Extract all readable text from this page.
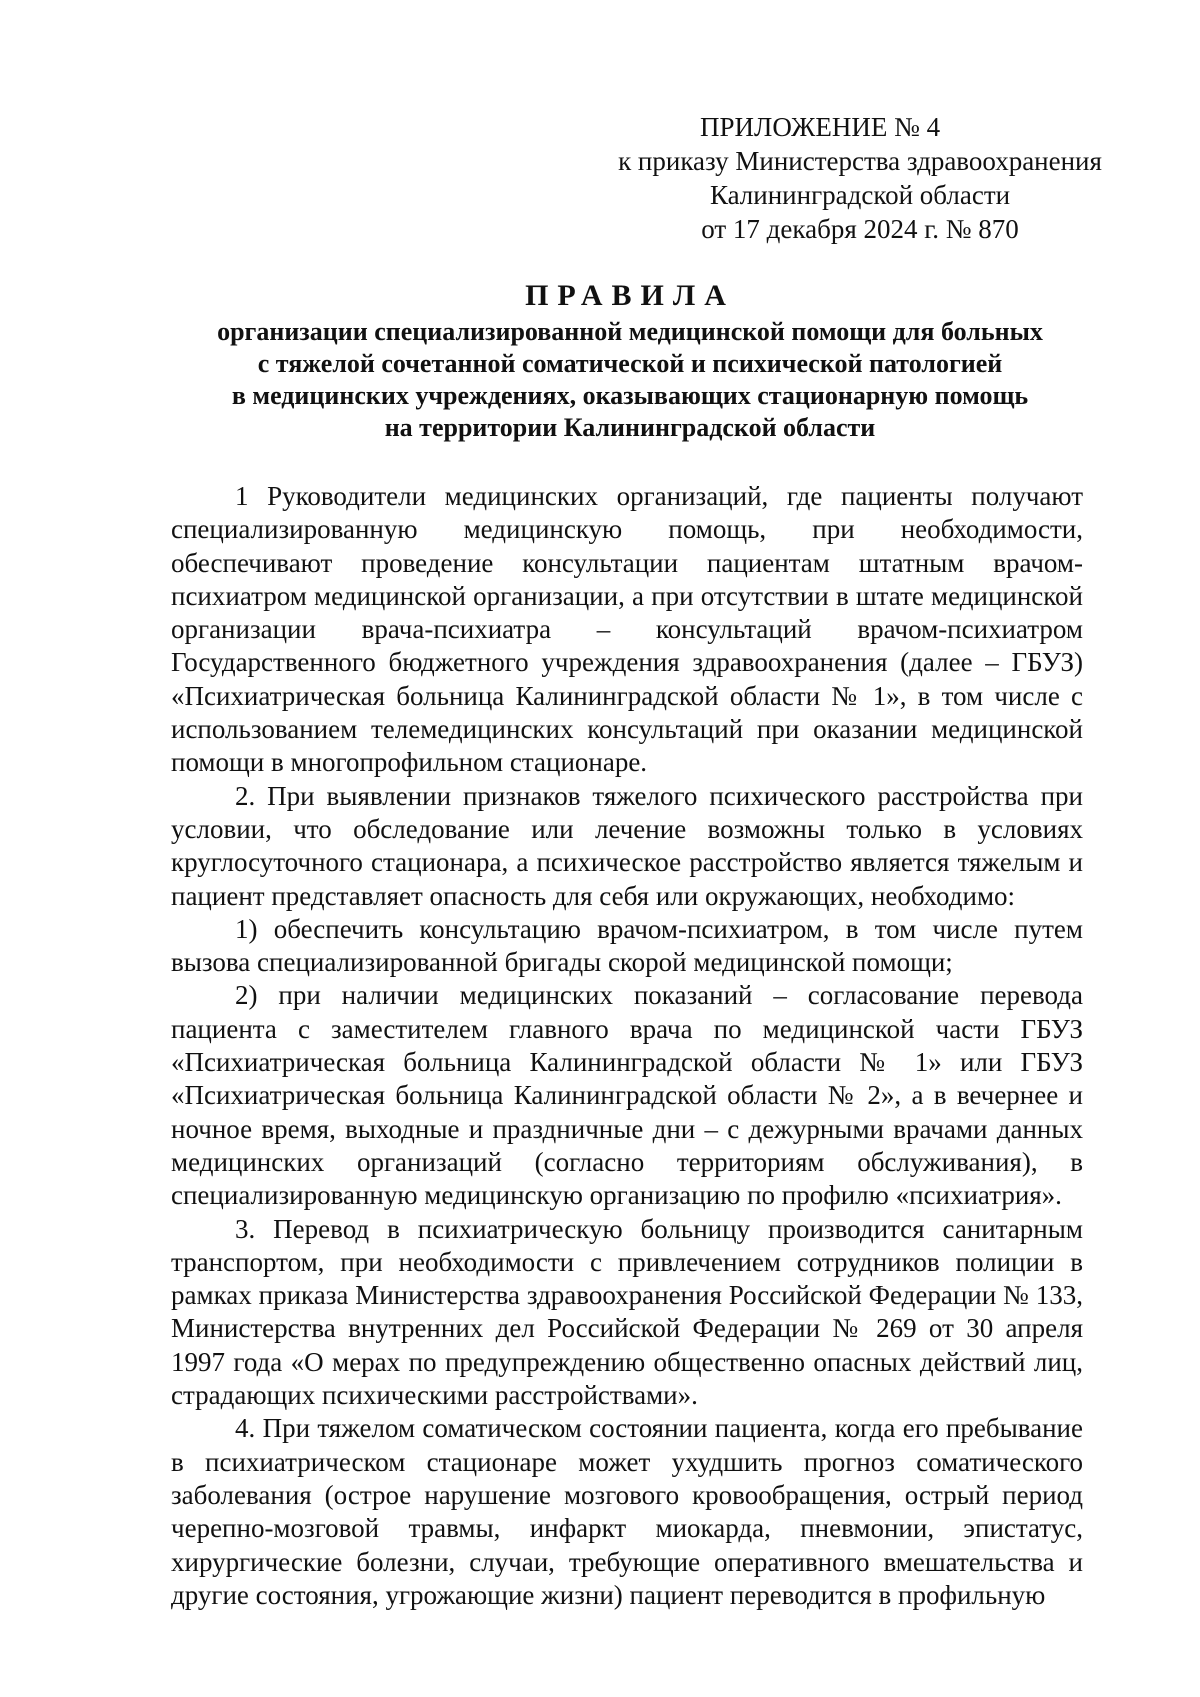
ПРИЛОЖЕНИЕ № 4
к приказу Министерства здравоохранения
Калининградской области
от 17 декабря 2024 г. № 870
ПРАВИЛА
организации специализированной медицинской помощи для больных
с тяжелой сочетанной соматической и психической патологией
в медицинских учреждениях, оказывающих стационарную помощь
на территории Калининградской области

1 Руководители медицинских организаций, где пациенты получают специализированную медицинскую помощь, при необходимости, обеспечивают проведение консультации пациентам штатным врачом-психиатром медицинской организации, а при отсутствии в штате медицинской организации врача-психиатра – консультаций врачом-психиатром Государственного бюджетного учреждения здравоохранения (далее – ГБУЗ) «Психиатрическая больница Калининградской области № 1», в том числе с использованием телемедицинских консультаций при оказании медицинской помощи в многопрофильном стационаре.

2. При выявлении признаков тяжелого психического расстройства при условии, что обследование или лечение возможны только в условиях круглосуточного стационара, а психическое расстройство является тяжелым и пациент представляет опасность для себя или окружающих, необходимо:

1) обеспечить консультацию врачом-психиатром, в том числе путем вызова специализированной бригады скорой медицинской помощи;

2) при наличии медицинских показаний – согласование перевода пациента с заместителем главного врача по медицинской части ГБУЗ «Психиатрическая больница Калининградской области № 1» или ГБУЗ «Психиатрическая больница Калининградской области № 2», а в вечернее и ночное время, выходные и праздничные дни – с дежурными врачами данных медицинских организаций (согласно территориям обслуживания), в специализированную медицинскую организацию по профилю «психиатрия».

3. Перевод в психиатрическую больницу производится санитарным транспортом, при необходимости с привлечением сотрудников полиции в рамках приказа Министерства здравоохранения Российской Федерации № 133, Министерства внутренних дел Российской Федерации № 269 от 30 апреля 1997 года «О мерах по предупреждению общественно опасных действий лиц, страдающих психическими расстройствами».

4. При тяжелом соматическом состоянии пациента, когда его пребывание в психиатрическом стационаре может ухудшить прогноз соматического заболевания (острое нарушение мозгового кровообращения, острый период черепно-мозговой травмы, инфаркт миокарда, пневмонии, эпистатус, хирургические болезни, случаи, требующие оперативного вмешательства и другие состояния, угрожающие жизни) пациент переводится в профильную
